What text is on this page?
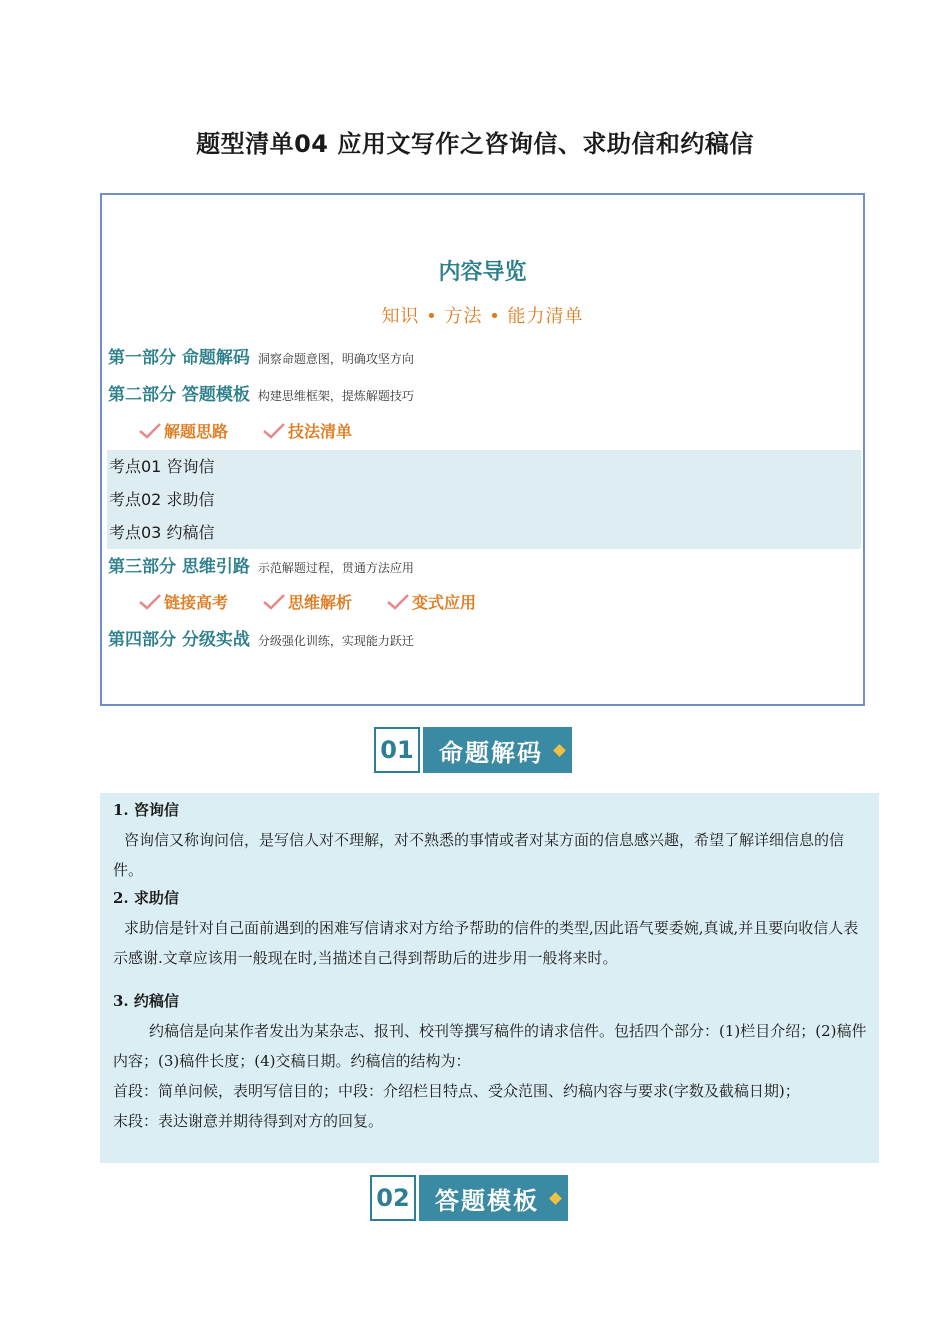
题型清单04 应用文写作之咨询信、求助信和约稿信
内容导览
知识 • 方法 • 能力清单
第一部分 命题解码 洞察命题意图，明确攻坚方向
第二部分 答题模板 构建思维框架，提炼解题技巧
解题思路	技法清单
考点01 咨询信
考点02 求助信
考点03 约稿信
第三部分 思维引路 示范解题过程，贯通方法应用
链接高考	思维解析	变式应用
第四部分 分级实战 分级强化训练，实现能力跃迁
01 命题解码
1. 咨询信
咨询信又称询问信，是写信人对不理解，对不熟悉的事情或者对某方面的信息感兴趣，希望了解详细信息的信件。
2. 求助信
求助信是针对自己面前遇到的困难写信请求对方给予帮助的信件的类型,因此语气要委婉,真诚,并且要向收信人表示感谢.文章应该用一般现在时,当描述自己得到帮助后的进步用一般将来时。
3. 约稿信
约稿信是向某作者发出为某杂志、报刊、校刊等撰写稿件的请求信件。包括四个部分：(1)栏目介绍；(2)稿件内容；(3)稿件长度；(4)交稿日期。约稿信的结构为：
首段：简单问候，表明写信目的；中段：介绍栏目特点、受众范围、约稿内容与要求(字数及截稿日期)；
末段：表达谢意并期待得到对方的回复。
02 答题模板
